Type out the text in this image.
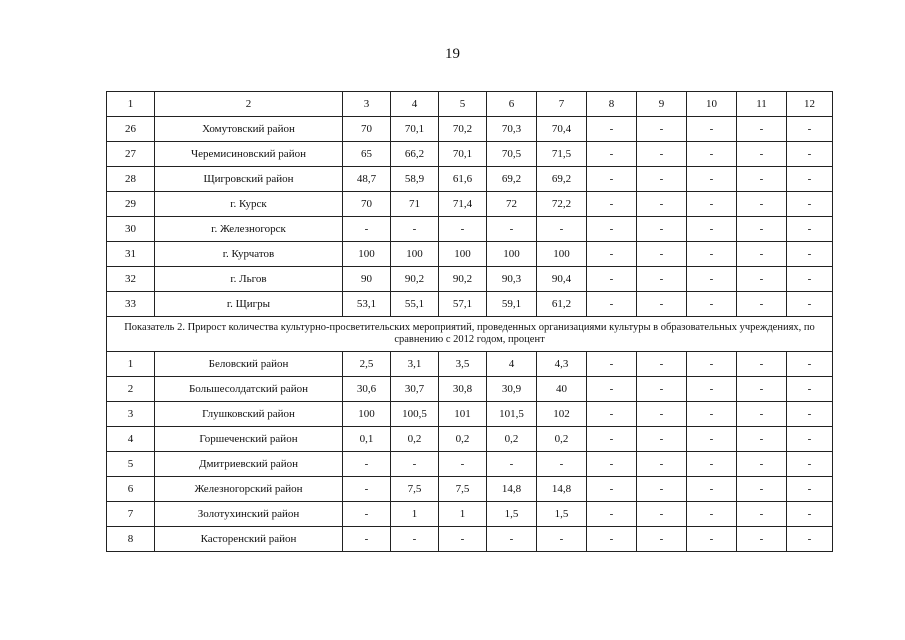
19
1	2	3	4	5	6	7	8	9	10	11	12
26	Хомутовский район	70	70,1	70,2	70,3	70,4	-	-	-	-	-
27	Черемисиновский район	65	66,2	70,1	70,5	71,5	-	-	-	-	-
28	Щигровский район	48,7	58,9	61,6	69,2	69,2	-	-	-	-	-
29	г. Курск	70	71	71,4	72	72,2	-	-	-	-	-
30	г. Железногорск	-	-	-	-	-	-	-	-	-	-
31	г. Курчатов	100	100	100	100	100	-	-	-	-	-
32	г. Льгов	90	90,2	90,2	90,3	90,4	-	-	-	-	-
33	г. Щигры	53,1	55,1	57,1	59,1	61,2	-	-	-	-	-
Показатель 2. Прирост количества культурно-просветительских мероприятий, проведенных организациями культуры в образовательных учреждениях, по сравнению с 2012 годом, процент											
1	Беловский район	2,5	3,1	3,5	4	4,3	-	-	-	-	-
2	Большесолдатский район	30,6	30,7	30,8	30,9	40	-	-	-	-	-
3	Глушковский район	100	100,5	101	101,5	102	-	-	-	-	-
4	Горшеченский район	0,1	0,2	0,2	0,2	0,2	-	-	-	-	-
5	Дмитриевский район	-	-	-	-	-	-	-	-	-	-
6	Железногорский район	-	7,5	7,5	14,8	14,8	-	-	-	-	-
7	Золотухинский район	-	1	1	1,5	1,5	-	-	-	-	-
8	Касторенский район	-	-	-	-	-	-	-	-	-	-
